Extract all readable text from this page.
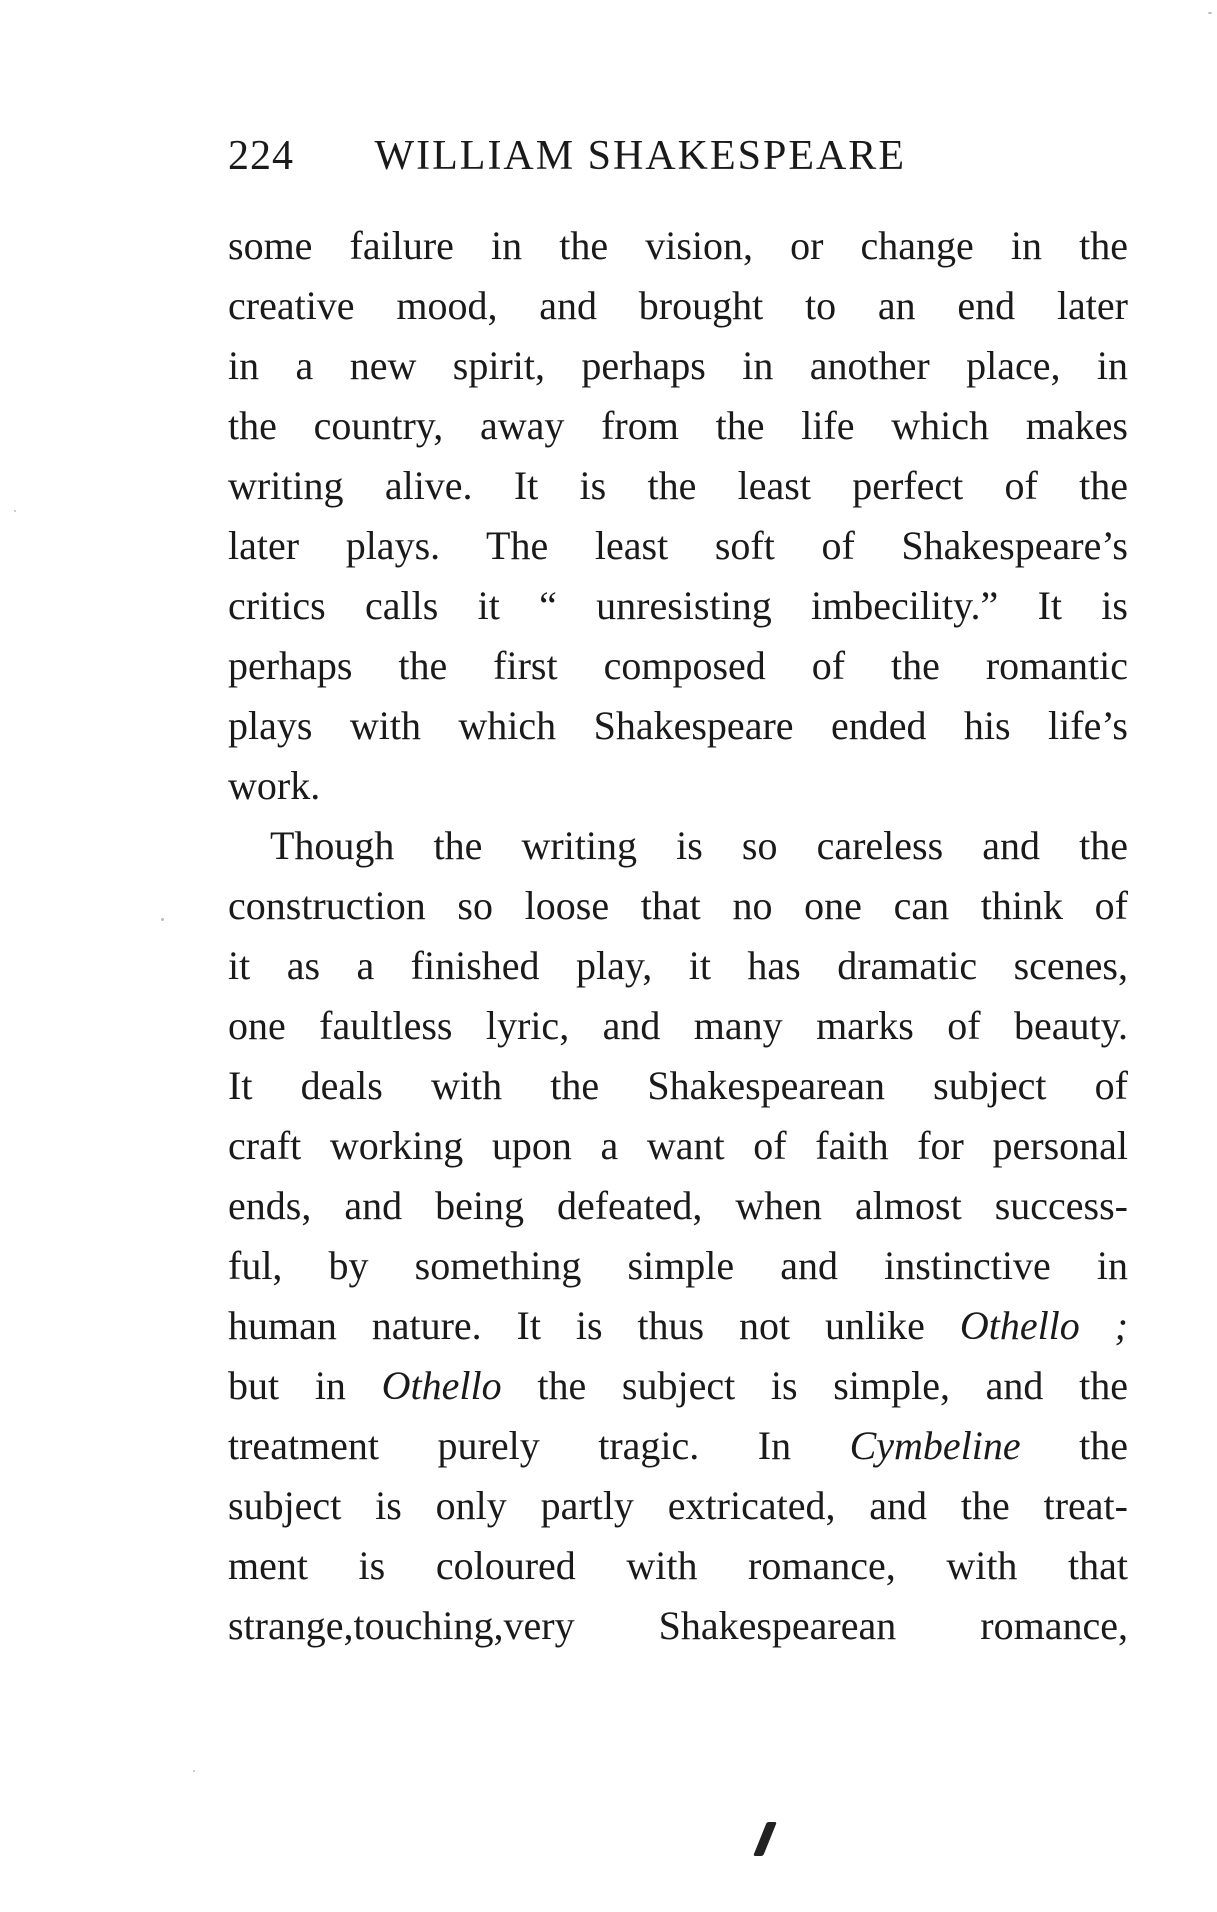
224 WILLIAM SHAKESPEARE
some failure in the vision, or change in the
creative mood, and brought to an end later
in a new spirit, perhaps in another place, in
the country, away from the life which makes
writing alive. It is the least perfect of the
later plays. The least soft of Shakespeare’s
critics calls it “ unresisting imbecility.” It is
perhaps the first composed of the romantic
plays with which Shakespeare ended his life’s
work.
Though the writing is so careless and the
construction so loose that no one can think of
it as a finished play, it has dramatic scenes,
one faultless lyric, and many marks of beauty.
It deals with the Shakespearean subject of
craft working upon a want of faith for personal
ends, and being defeated, when almost success-
ful, by something simple and instinctive in
human nature. It is thus not unlike Othello ;
but in Othello the subject is simple, and the
treatment purely tragic. In Cymbeline the
subject is only partly extricated, and the treat-
ment is coloured with romance, with that
strange,touching,very Shakespearean romance,
